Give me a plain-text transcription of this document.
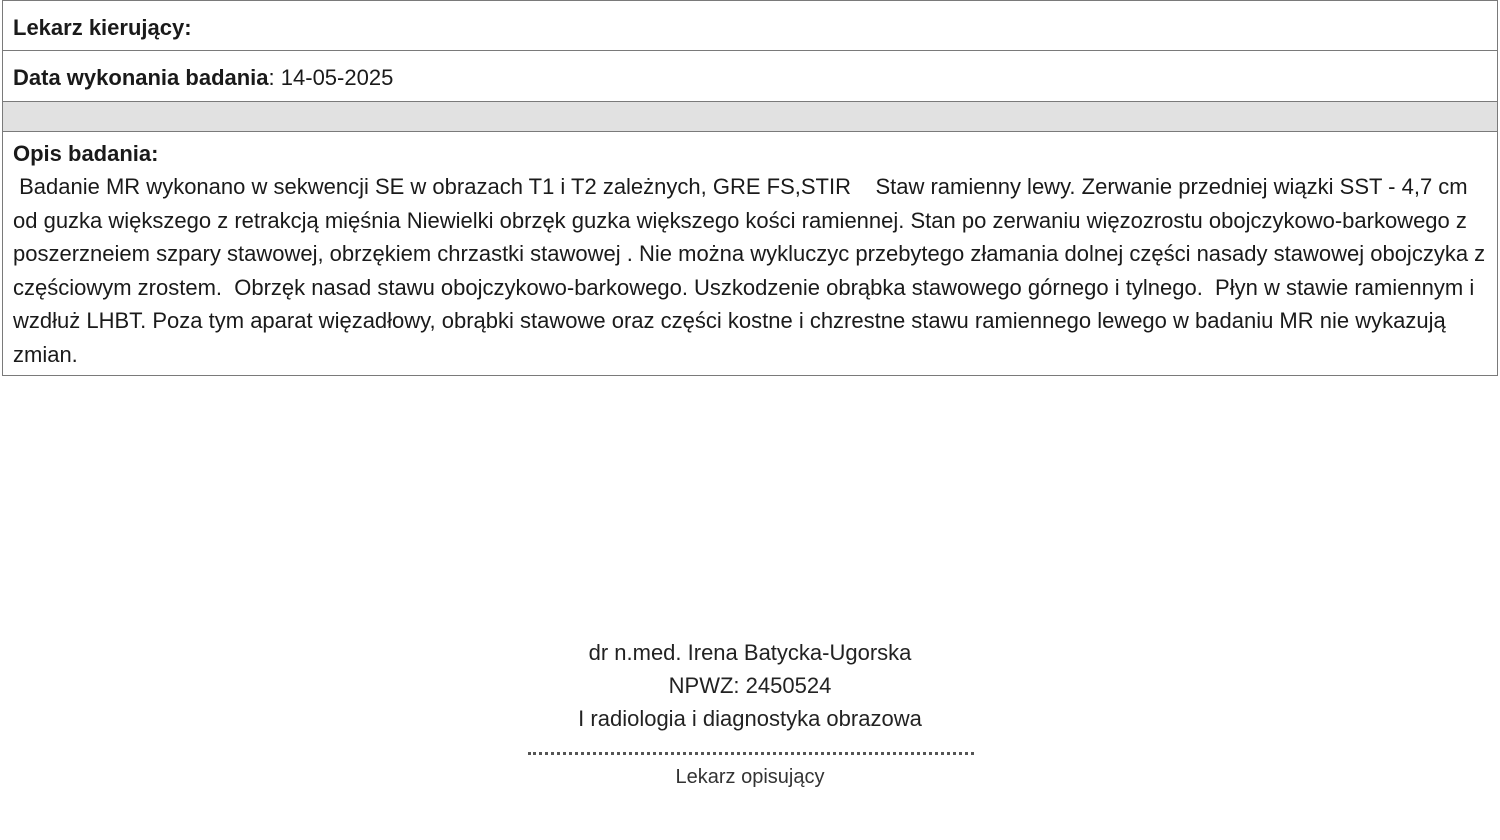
Lekarz kierujący:
Data wykonania badania: 14-05-2025
Opis badania:
Badanie MR wykonano w sekwencji SE w obrazach T1 i T2 zależnych, GRE FS,STIR    Staw ramienny lewy. Zerwanie przedniej wiązki SST - 4,7 cm od guzka większego z retrakcją mięśnia Niewielki obrzęk guzka większego kości ramiennej. Stan po zerwaniu więzozrostu obojczykowo-barkowego z poszerzneiem szpary stawowej, obrzękiem chrzastki stawowej . Nie można wykluczyc przebytego złamania dolnej części nasady stawowej obojczyka z częściowym zrostem.  Obrzęk nasad stawu obojczykowo-barkowego. Uszkodzenie obrąbka stawowego górnego i tylnego.  Płyn w stawie ramiennym i wzdłuż LHBT. Poza tym aparat więzadłowy, obrąbki stawowe oraz części kostne i chzrestne stawu ramiennego lewego w badaniu MR nie wykazują zmian.
dr n.med. Irena Batycka-Ugorska
NPWZ: 2450524
I radiologia i diagnostyka obrazowa
Lekarz opisujący
